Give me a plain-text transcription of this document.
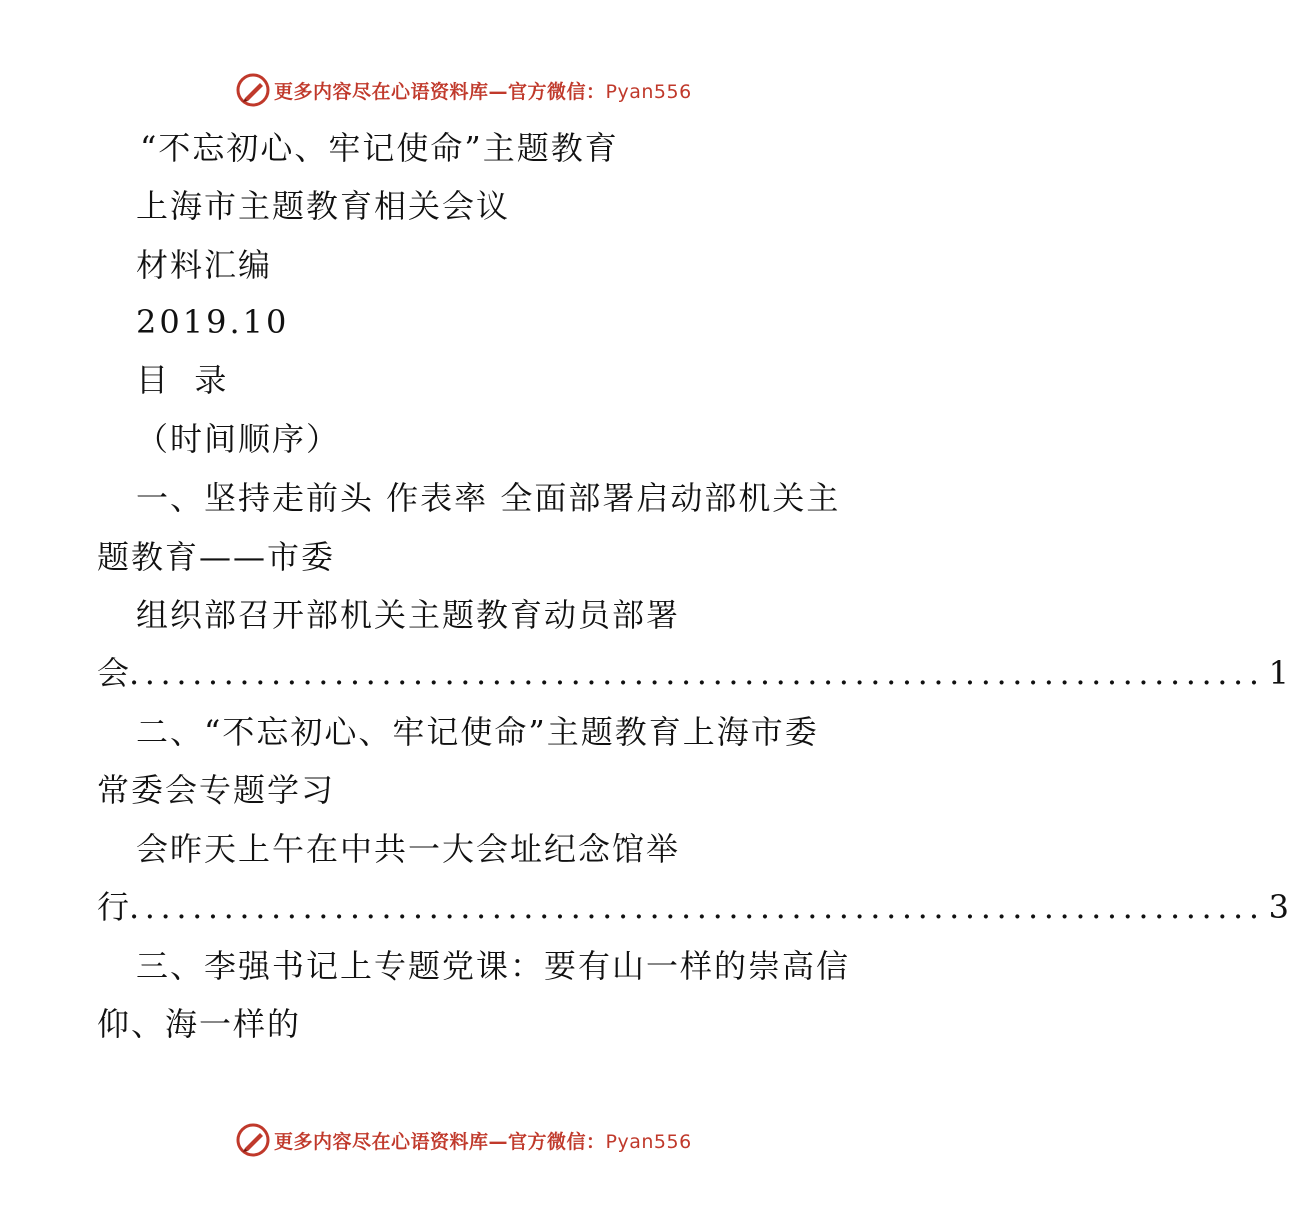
更多内容尽在心语资料库—官方微信：Pyan556
“不忘初心、牢记使命”主题教育
上海市主题教育相关会议
材料汇编
2019.10
目  录
（时间顺序）
一、坚持走前头 作表率 全面部署启动部机关主
题教育——市委
组织部召开部机关主题教育动员部署
会 ........................................................................ 1
二、“不忘初心、牢记使命”主题教育上海市委
常委会专题学习
会昨天上午在中共一大会址纪念馆举
行 ........................................................................ 3
三、李强书记上专题党课：要有山一样的崇高信
仰、海一样的
更多内容尽在心语资料库—官方微信：Pyan556
